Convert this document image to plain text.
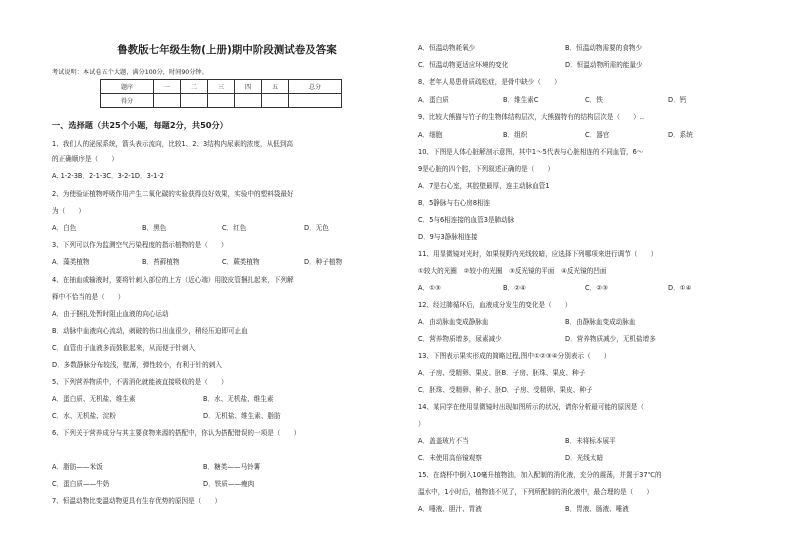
鲁教版七年级生物(上册)期中阶段测试卷及答案
考试说明：本试卷五个大题，满分100分，时间90分钟。
题序	一	二	三	四	五	总分
得分						
一、选择题（共25个小题，每题2分，共50分）
1、我们人的泌尿系统，箭头表示流向，比较1、2、3结构内尿素的浓度，从低到高
的正确顺序是（　　）
A. 1-2-3B．2-1-3C．3-2-1D．3-1-2
2、为使验证植物呼吸作用产生二氧化碳的实验获得良好效果，实验中的塑料袋最好
为（　　）
A．白色	B．黑色	C．红色	D．无色
3、下列可以作为监测空气污染程度的指示植物的是（　　）
A．藻类植物	B．苔藓植物	C．蕨类植物	D．种子植物
4、在抽血或输液时，要将针刺入部位的上方（近心端）用胶皮管捆扎起来，下列解
释中不恰当的是（　　）
A．由于捆扎处暂时阻止血液的向心运动
B．动脉中血液向心流动，刺破的伤口出血很少，稍经压迫即可止血
C．血管由于血液多而鼓胀起来，从而便于针刺入
D．多数静脉分布较浅，壁薄，弹性较小，有利于针的刺入
5、下列营养物质中，不需消化就能被直接吸收的是（　　）
A．蛋白质、无机盐、维生素	B．水、无机盐、维生素
C．水、无机盐、淀粉	D．无机盐、维生素、脂肪
6、下列关于营养成分与其主要食物来源的搭配中，你认为搭配错误的一项是（　　）
A．脂肪——米饭	B．糖类——马铃薯
C．蛋白质——牛奶	D．铁质——瘦肉
7、恒温动物比变温动物更具有生存优势的原因是（　　）
A．恒温动物耗氧少	B．恒温动物需要的食物少
C．恒温动物更适应环境的变化	D．恒温动物所需的能量少
8、老年人易患骨质疏松症，是骨中缺少（　　）
A．蛋白质	B．维生素C	C．铁	D．钙
9、比较大熊猫与竹子的生物体结构层次，大熊猫特有的结构层次是（　　）..
A．细胞	B．组织	C．器官	D．系统
10、下图是人体心脏解剖示意图，其中1～5代表与心脏相连的不同血管，6～
9是心脏的四个腔，下列叙述正确的是（　　）
A．7是右心室，其腔壁最厚，连主动脉血管1
B．5静脉与右心房8相连
C．5与6相连接的血管3是肺动脉
D．9与3静脉相连接
11、用显微镜对光时，如果视野内光线较暗，应选择下列哪项来进行调节（　　）
①较大的光圈　②较小的光圈　③反光镜的平面　④反光镜的凹面
A．①③	B．②④	C．②③	D．①④
12、经过肺循环后，血液成分发生的变化是（　　）
A．由动脉血变成静脉血	B．由静脉血变成动脉血
C．营养物质增多，尿素减少	D．营养物质减少，无机盐增多
13、下图表示果实形成的简略过程,图中①②③④分别表示（　　）
A．子房、受精卵、果皮、胚B．子房、胚珠、果皮、种子
C．胚珠、受精卵、种子、胚D．子房、受精卵、果皮、种子
14、某同学在使用显微镜时出现如图所示的状况，请你分析最可能的原因是（
）
A．盖盖玻片不当	B．未将标本展平
C．未使用高倍镜观察	D．光线太暗
15、在烧杯中倒入10毫升植物油，加入配制的消化液，充分的震荡，并置于37℃的
温水中，1小时后，植物油不见了，下列所配制的消化液中，最合理的是（　　）
A．唾液、胆汁、胃液	B．胃液、肠液、唾液
